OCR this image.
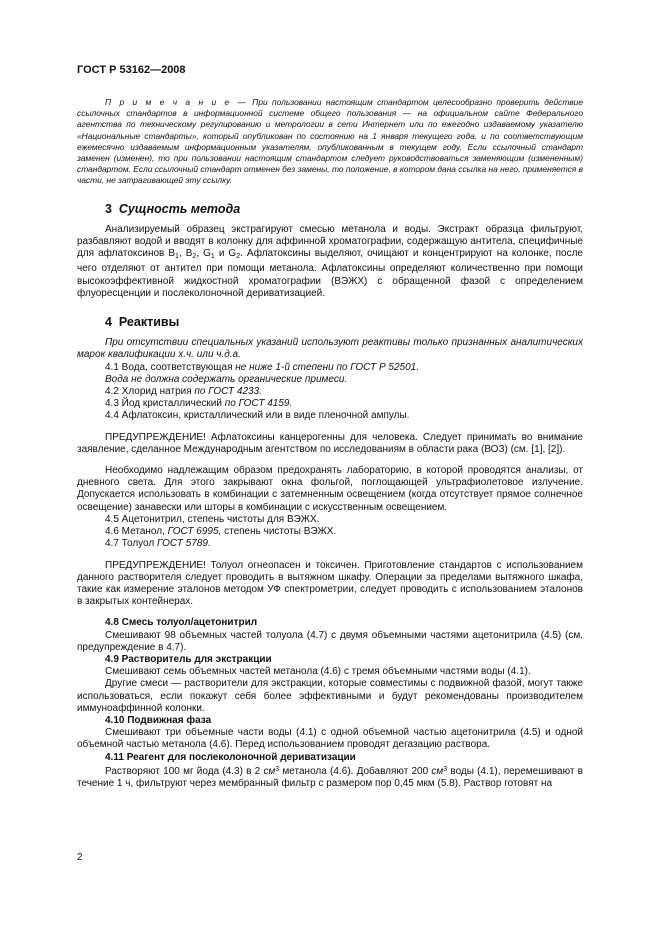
ГОСТ Р 53162—2008

П р и м е ч а н и е — При пользовании настоящим стандартом целесообразно проверить действие ссылочных стандартов в информационной системе общего пользования — на официальном сайте Федерального агентства по техническому регулированию и метрологии в сети Интернет или по ежегодно издаваемому указателю «Национальные стандарты», который опубликован по состоянию на 1 января текущего года, и по соответствующим ежемесячно издаваемым информационным указателям, опубликованным в текущем году. Если ссылочный стандарт заменен (изменен), то при пользовании настоящим стандартом следует руководствоваться заменяющим (измененным) стандартом. Если ссылочный стандарт отменен без замены, то положение, в котором дана ссылка на него, применяется в части, не затрагивающей эту ссылку.

3 Сущность метода

Анализируемый образец экстрагируют смесью метанола и воды. Экстракт образца фильтруют, разбавляют водой и вводят в колонку для аффинной хроматографии, содержащую антитела, специфичные для афлатоксинов $B_1$, $B_2$, $G_1$ и $G_2$. Афлатоксины выделяют, очищают и концентрируют на колонке, после чего отделяют от антител при помощи метанола. Афлатоксины определяют количественно при помощи высокоэффективной жидкостной хроматографии (ВЭЖХ) с обращенной фазой с определением флуоресценции и послеколоночной дериватизацией.

4 Реактивы

При отсутствии специальных указаний используют реактивы только признанных аналитических марок квалификации х.ч. или ч.д.а.

4.1 Вода, соответствующая не ниже 1-й степени по ГОСТ Р 52501.

Вода не должна содержать органические примеси.

4.2 Хлорид натрия по ГОСТ 4233.

4.3 Йод кристаллический по ГОСТ 4159.

4.4 Афлатоксин, кристаллический или в виде пленочной ампулы.

ПРЕДУПРЕЖДЕНИЕ! Афлатоксины канцерогенны для человека. Следует принимать во внимание заявление, сделанное Международным агентством по исследованиям в области рака (ВОЗ) (см. [1], [2]).

Необходимо надлежащим образом предохранять лабораторию, в которой проводятся анализы, от дневного света. Для этого закрывают окна фольгой, поглощающей ультрафиолетовое излучение. Допускается использовать в комбинации с затемненным освещением (когда отсутствует прямое солнечное освещение) занавески или шторы в комбинации с искусственным освещением.

4.5 Ацетонитрил, степень чистоты для ВЭЖХ.

4.6 Метанол, ГОСТ 6995, степень чистоты ВЭЖХ.

4.7 Толуол ГОСТ 5789.

ПРЕДУПРЕЖДЕНИЕ! Толуол огнеопасен и токсичен. Приготовление стандартов с использованием данного растворителя следует проводить в вытяжном шкафу. Операции за пределами вытяжного шкафа, такие как измерение эталонов методом УФ спектрометрии, следует проводить с использованием эталонов в закрытых контейнерах.

4.8 Смесь толуол/ацетонитрил

Смешивают 98 объемных частей толуола (4.7) с двумя объемными частями ацетонитрила (4.5) (см. предупреждение в 4.7).

4.9 Растворитель для экстракции

Смешивают семь объемных частей метанола (4.6) с тремя объемными частями воды (4.1).

Другие смеси — растворители для экстракции, которые совместимы с подвижной фазой, могут также использоваться, если покажут себя более эффективными и будут рекомендованы производителем иммуноаффинной колонки.

4.10 Подвижная фаза

Смешивают три объемные части воды (4.1) с одной объемной частью ацетонитрила (4.5) и одной объемной частью метанола (4.6). Перед использованием проводят дегазацию раствора.

4.11 Реагент для послеколоночной дериватизации

Растворяют 100 мг йода (4.3) в 2 $см^3$ метанола (4.6). Добавляют 200 $см^3$ воды (4.1), перемешивают в течение 1 ч, фильтруют через мембранный фильтр с размером пор 0,45 мкм (5.8). Раствор готовят на

2
